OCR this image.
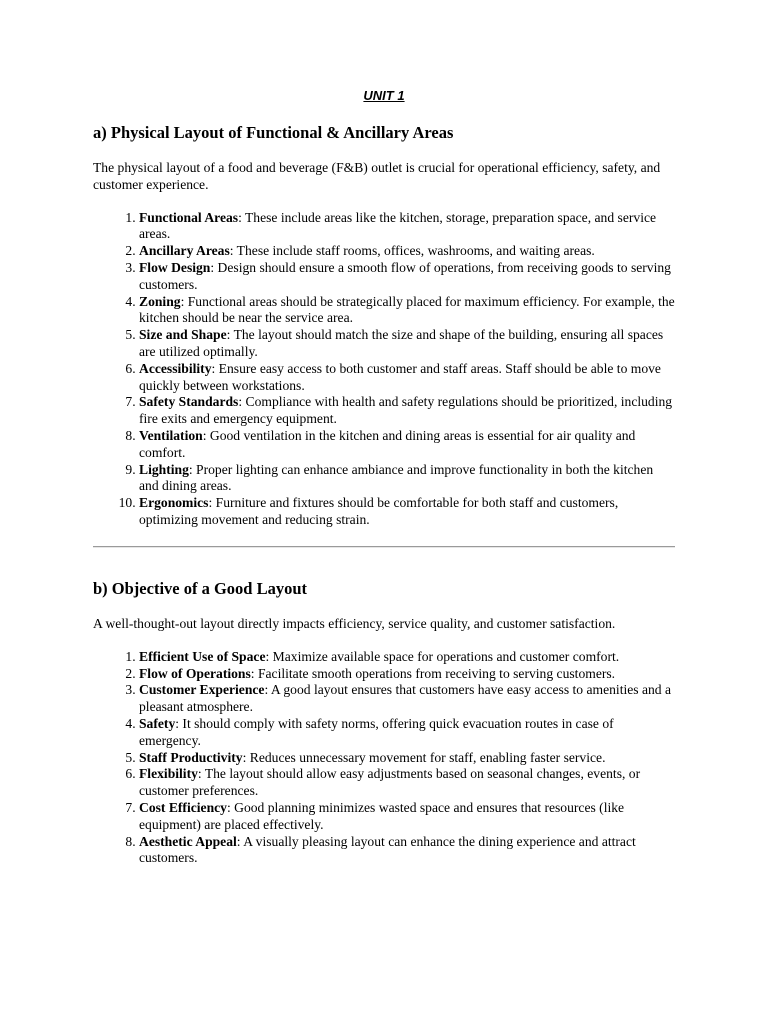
UNIT 1
a) Physical Layout of Functional & Ancillary Areas

The physical layout of a food and beverage (F&B) outlet is crucial for operational efficiency, safety, and customer experience.

1. Functional Areas: These include areas like the kitchen, storage, preparation space, and service areas.
2. Ancillary Areas: These include staff rooms, offices, washrooms, and waiting areas.
3. Flow Design: Design should ensure a smooth flow of operations, from receiving goods to serving customers.
4. Zoning: Functional areas should be strategically placed for maximum efficiency. For example, the kitchen should be near the service area.
5. Size and Shape: The layout should match the size and shape of the building, ensuring all spaces are utilized optimally.
6. Accessibility: Ensure easy access to both customer and staff areas. Staff should be able to move quickly between workstations.
7. Safety Standards: Compliance with health and safety regulations should be prioritized, including fire exits and emergency equipment.
8. Ventilation: Good ventilation in the kitchen and dining areas is essential for air quality and comfort.
9. Lighting: Proper lighting can enhance ambiance and improve functionality in both the kitchen and dining areas.
10. Ergonomics: Furniture and fixtures should be comfortable for both staff and customers, optimizing movement and reducing strain.
b) Objective of a Good Layout

A well-thought-out layout directly impacts efficiency, service quality, and customer satisfaction.

1. Efficient Use of Space: Maximize available space for operations and customer comfort.
2. Flow of Operations: Facilitate smooth operations from receiving to serving customers.
3. Customer Experience: A good layout ensures that customers have easy access to amenities and a pleasant atmosphere.
4. Safety: It should comply with safety norms, offering quick evacuation routes in case of emergency.
5. Staff Productivity: Reduces unnecessary movement for staff, enabling faster service.
6. Flexibility: The layout should allow easy adjustments based on seasonal changes, events, or customer preferences.
7. Cost Efficiency: Good planning minimizes wasted space and ensures that resources (like equipment) are placed effectively.
8. Aesthetic Appeal: A visually pleasing layout can enhance the dining experience and attract customers.
